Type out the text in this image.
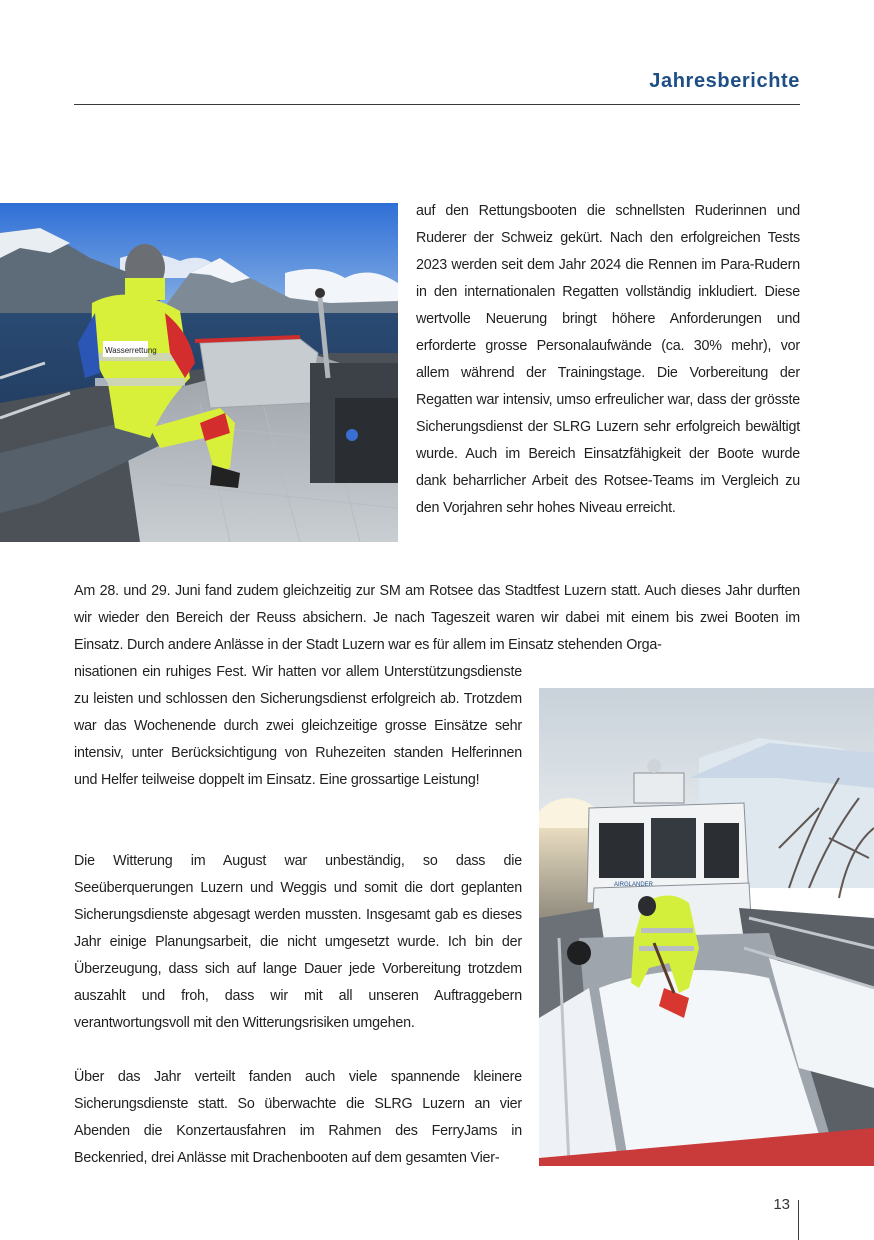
Jahresberichte
Wasserrettung

auf den Rettungsbooten die schnellsten Ruderinnen und Ruderer der Schweiz gekürt. Nach den erfolgreichen Tests 2023 werden seit dem Jahr 2024 die Rennen im Para-Rudern in den internationalen Regatten vollständig inkludiert. Diese wertvolle Neuerung bringt höhere Anforderungen und erforderte grosse Personalaufwände (ca. 30% mehr), vor allem während der Trainingstage. Die Vorbereitung der Regatten war intensiv, umso erfreulicher war, dass der grösste Sicherungsdienst der SLRG Luzern sehr erfolgreich bewältigt wurde. Auch im Bereich Einsatzfähigkeit der Boote wurde dank beharrlicher Arbeit des Rotsee-Teams im Vergleich zu den Vorjahren sehr hohes Niveau erreicht.

Am 28. und 29. Juni fand zudem gleichzeitig zur SM am Rotsee das Stadtfest Luzern statt. Auch dieses Jahr durften wir wieder den Bereich der Reuss absichern. Je nach Tageszeit waren wir dabei mit einem bis zwei Booten im Einsatz. Durch andere Anlässe in der Stadt Luzern war es für allem im Einsatz stehenden Orga-

nisationen ein ruhiges Fest. Wir hatten vor allem Unterstützungsdienste zu leisten und schlossen den Sicherungsdienst erfolgreich ab. Trotzdem war das Wochenende durch zwei gleichzeitige grosse Einsätze sehr intensiv, unter Berücksichtigung von Ruhezeiten standen Helferinnen und Helfer teilweise doppelt im Einsatz. Eine grossartige Leistung!

Die Witterung im August war unbeständig, so dass die Seeüberquerungen Luzern und Weggis und somit die dort geplanten Sicherungsdienste abgesagt werden mussten. Insgesamt gab es dieses Jahr einige Planungsarbeit, die nicht umgesetzt wurde. Ich bin der Überzeugung, dass sich auf lange Dauer jede Vorbereitung trotzdem auszahlt und froh, dass wir mit all unseren Auftraggebern verantwortungsvoll mit den Witterungsrisiken umgehen.

Über das Jahr verteilt fanden auch viele spannende kleinere Sicherungsdienste statt. So überwachte die SLRG Luzern an vier Abenden die Konzertausfahren im Rahmen des FerryJams in Beckenried, drei Anlässe mit Drachenbooten auf dem gesamten Vier-

AIRGLANDER

13
